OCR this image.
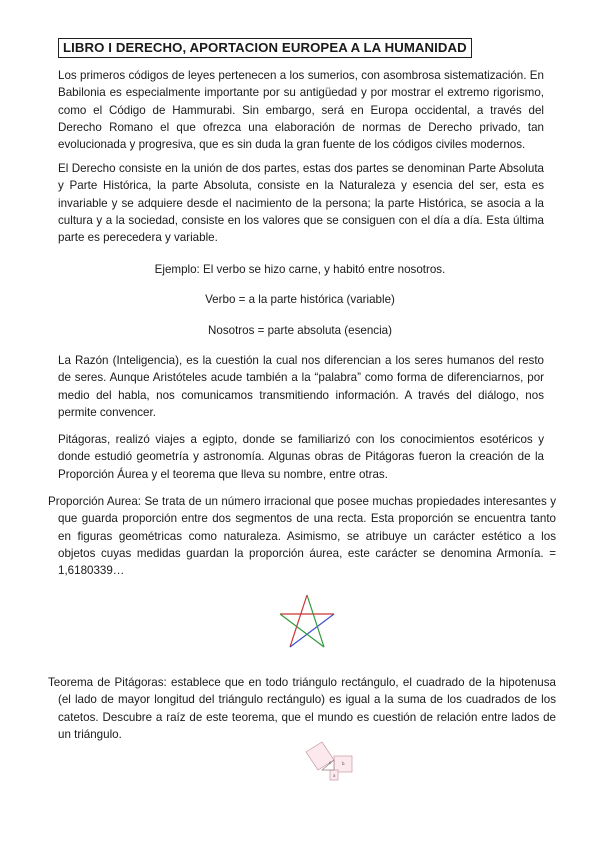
LIBRO I DERECHO, APORTACION EUROPEA A LA HUMANIDAD

Los primeros códigos de leyes pertenecen a los sumerios, con asombrosa sistematización. En Babilonia es especialmente importante por su antigüedad y por mostrar el extremo rigorismo, como el Código de Hammurabi. Sin embargo, será en Europa occidental, a través del Derecho Romano el que ofrezca una elaboración de normas de Derecho privado, tan evolucionada y progresiva, que es sin duda la gran fuente de los códigos civiles modernos.

El Derecho consiste en la unión de dos partes, estas dos partes se denominan Parte Absoluta y Parte Histórica, la parte Absoluta, consiste en la Naturaleza y esencia del ser, esta es invariable y se adquiere desde el nacimiento de la persona; la parte Histórica, se asocia a la cultura y a la sociedad, consiste en los valores que se consiguen con el día a día. Esta última parte es perecedera y variable.

Ejemplo: El verbo se hizo carne, y habitó entre nosotros.

Verbo = a la parte histórica (variable)

Nosotros = parte absoluta (esencia)

La Razón (Inteligencia), es la cuestión la cual nos diferencian a los seres humanos del resto de seres. Aunque Aristóteles acude también a la “palabra” como forma de diferenciarnos, por medio del habla, nos comunicamos transmitiendo información. A través del diálogo, nos permite convencer.

Pitágoras, realizó viajes a egipto, donde se familiarizó con los conocimientos esotéricos y donde estudió geometría y astronomía. Algunas obras de Pitágoras fueron la creación de la Proporción Áurea y el teorema que lleva su nombre, entre otras.

Proporción Aurea: Se trata de un número irracional que posee muchas propiedades interesantes y que guarda proporción entre dos segmentos de una recta. Esta proporción se encuentra tanto en figuras geométricas como naturaleza. Asimismo, se atribuye un carácter estético a los objetos cuyas medidas guardan la proporción áurea, este carácter se denomina Armonía. = 1,6180339…

Teorema de Pitágoras: establece que en todo triángulo rectángulo, el cuadrado de la hipotenusa (el lado de mayor longitud del triángulo rectángulo) es igual a la suma de los cuadrados de los catetos. Descubre a raíz de este teorema, que el mundo es cuestión de relación entre lados de un triángulo.

c	b
a
